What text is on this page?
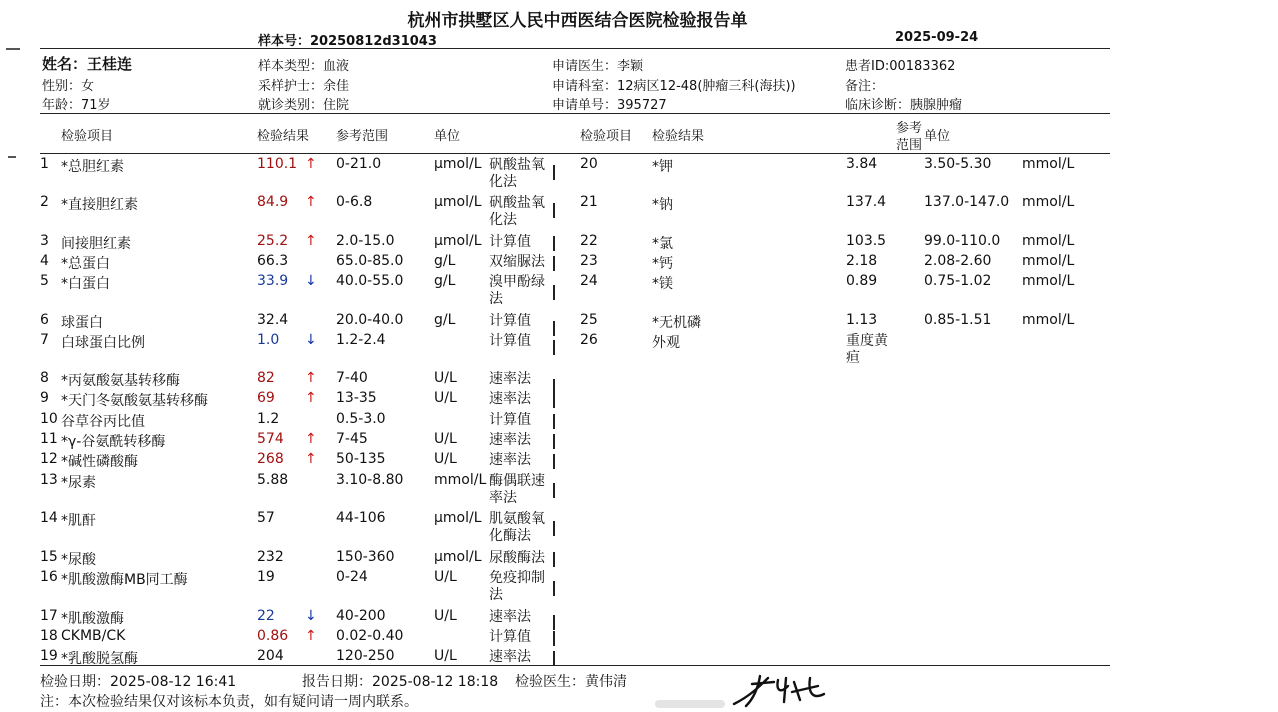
杭州市拱墅区人民中西医结合医院检验报告单
样本号：20250812d31043	2025-09-24
姓名：王桂连
性别：女
年龄：71岁
样本类型：血液
采样护士：余佳
就诊类别：住院
申请医生：李颖
申请科室：12病区12-48(肿瘤三科(海扶))
申请单号：395727
患者ID:00183362
备注：
临床诊断：胰腺肿瘤
检验项目	检验结果 参考范围	单位	检验项目 检验结果
参考
范围
单位
1 *总胆红素	110.1 ↑ 0-21.0	μmol/L 矾酸盐氧化法
2 *直接胆红素	84.9 ↑ 0-6.8	μmol/L 矾酸盐氧化法
3 间接胆红素	25.2 ↑ 2.0-15.0	μmol/L 计算值
4 *总蛋白	66.3	65.0-85.0 g/L 双缩脲法
5 *白蛋白	33.9 ↓ 40.0-55.0 g/L 溴甲酚绿法
6 球蛋白	32.4	20.0-40.0 g/L 计算值
7 白球蛋白比例	1.0 ↓ 1.2-2.4	计算值
8 *丙氨酸氨基转移酶	82 ↑ 7-40	U/L 速率法
9 *天门冬氨酸氨基转移酶	69 ↑ 13-35	U/L 速率法
10 谷草谷丙比值	1.2	0.5-3.0	计算值
11 *γ-谷氨酰转移酶	574 ↑ 7-45	U/L 速率法
12 *碱性磷酸酶	268 ↑ 50-135	U/L 速率法
13 *尿素	5.88	3.10-8.80 mmol/L 酶偶联速率法
14 *肌酐	57	44-106	μmol/L 肌氨酸氧化酶法
15 *尿酸	232	150-360	μmol/L 尿酸酶法
16 *肌酸激酶MB同工酶	19	0-24	U/L 免疫抑制法
17 *肌酸激酶	22 ↓ 40-200	U/L 速率法
18 CKMB/CK	0.86 ↑ 0.02-0.40	计算值
19 *乳酸脱氢酶	204	120-250	U/L 速率法
20	*钾	3.84	3.50-5.30 mmol/L
21	*钠	137.4	137.0-147.0 mmol/L
22	*氯	103.5	99.0-110.0 mmol/L
23	*钙	2.18	2.08-2.60 mmol/L
24	*镁	0.89	0.75-1.02 mmol/L
25	*无机磷	1.13	0.85-1.51 mmol/L
26	外观	重度黄疸
检验日期：2025-08-12 16:41	报告日期：2025-08-12 18:18 检验医生：黄伟清
注：本次检验结果仅对该标本负责，如有疑问请一周内联系。
